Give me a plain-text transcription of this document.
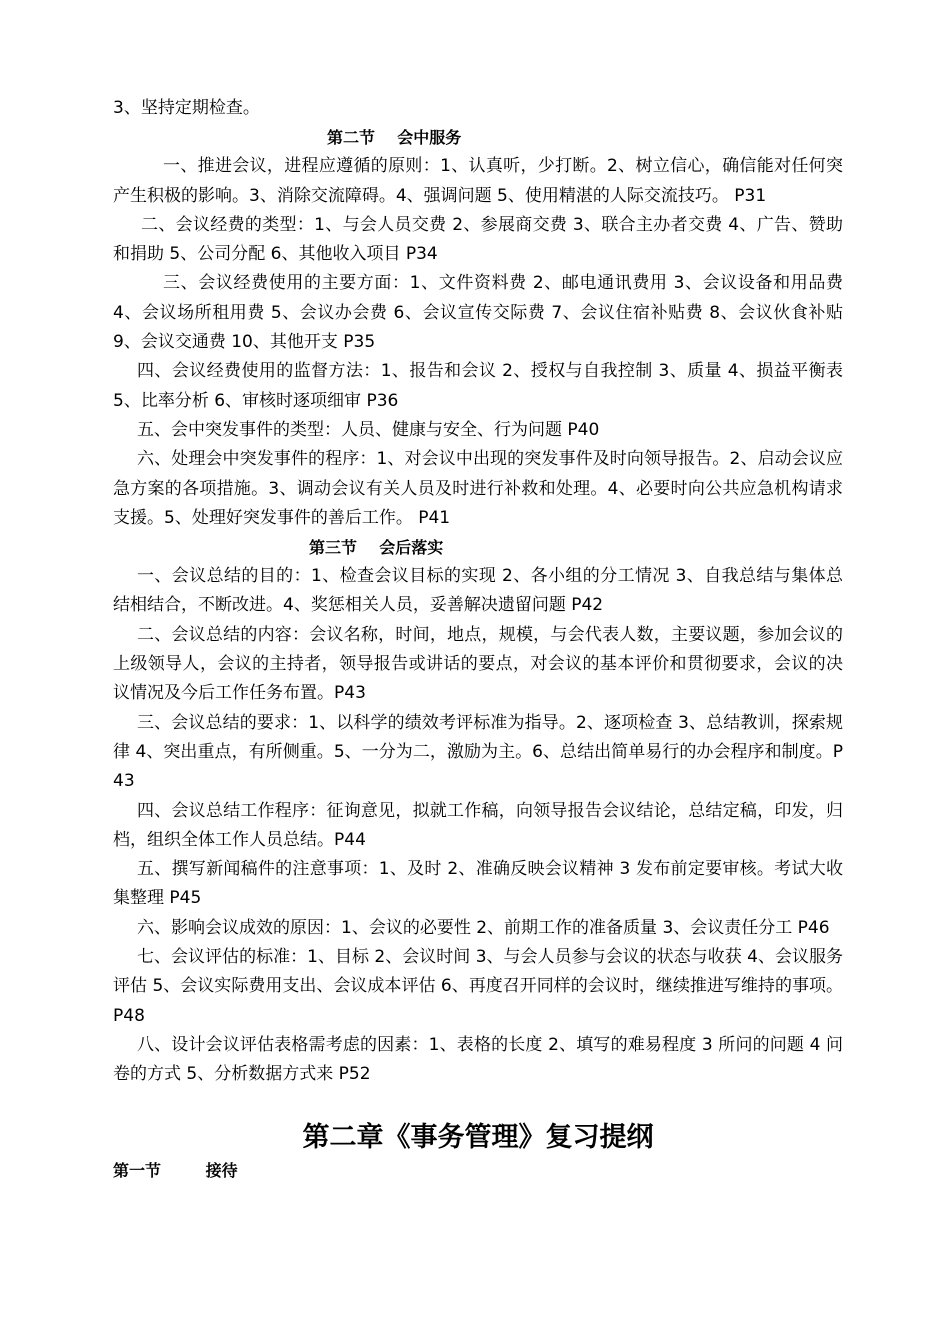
3、坚持定期检查。

第二节    会中服务

一、推进会议，进程应遵循的原则：1、认真听，少打断。2、树立信心，确信能对任何突产生积极的影响。3、消除交流障碍。4、强调问题 5、使用精湛的人际交流技巧。 P31

二、会议经费的类型：1、与会人员交费 2、参展商交费 3、联合主办者交费 4、广告、赞助和捐助 5、公司分配 6、其他收入项目 P34

三、会议经费使用的主要方面：1、文件资料费 2、邮电通讯费用 3、会议设备和用品费 4、会议场所租用费 5、会议办会费 6、会议宣传交际费 7、会议住宿补贴费 8、会议伙食补贴 9、会议交通费 10、其他开支 P35

四、会议经费使用的监督方法：1、报告和会议 2、授权与自我控制 3、质量 4、损益平衡表 5、比率分析 6、审核时逐项细审 P36

五、会中突发事件的类型：人员、健康与安全、行为问题 P40

六、处理会中突发事件的程序：1、对会议中出现的突发事件及时向领导报告。2、启动会议应急方案的各项措施。3、调动会议有关人员及时进行补救和处理。4、必要时向公共应急机构请求支援。5、处理好突发事件的善后工作。 P41

第三节    会后落实

一、会议总结的目的：1、检查会议目标的实现 2、各小组的分工情况 3、自我总结与集体总结相结合，不断改进。4、奖惩相关人员，妥善解决遗留问题 P42

二、会议总结的内容：会议名称，时间，地点，规模，与会代表人数，主要议题，参加会议的上级领导人，会议的主持者，领导报告或讲话的要点，对会议的基本评价和贯彻要求，会议的决议情况及今后工作任务布置。P43

三、会议总结的要求：1、以科学的绩效考评标准为指导。2、逐项检查 3、总结教训，探索规律 4、突出重点，有所侧重。5、一分为二，激励为主。6、总结出简单易行的办会程序和制度。P43

四、会议总结工作程序：征询意见，拟就工作稿，向领导报告会议结论，总结定稿，印发，归档，组织全体工作人员总结。P44

五、撰写新闻稿件的注意事项：1、及时 2、准确反映会议精神 3 发布前定要审核。考试大收集整理 P45

六、影响会议成效的原因：1、会议的必要性 2、前期工作的准备质量 3、会议责任分工 P46

七、会议评估的标准：1、目标 2、会议时间 3、与会人员参与会议的状态与收获 4、会议服务评估 5、会议实际费用支出、会议成本评估 6、再度召开同样的会议时，继续推进写维持的事项。P48

八、设计会议评估表格需考虑的因素：1、表格的长度 2、填写的难易程度 3 所问的问题 4 问卷的方式 5、分析数据方式来 P52

第二章《事务管理》复习提纲

第一节        接待
